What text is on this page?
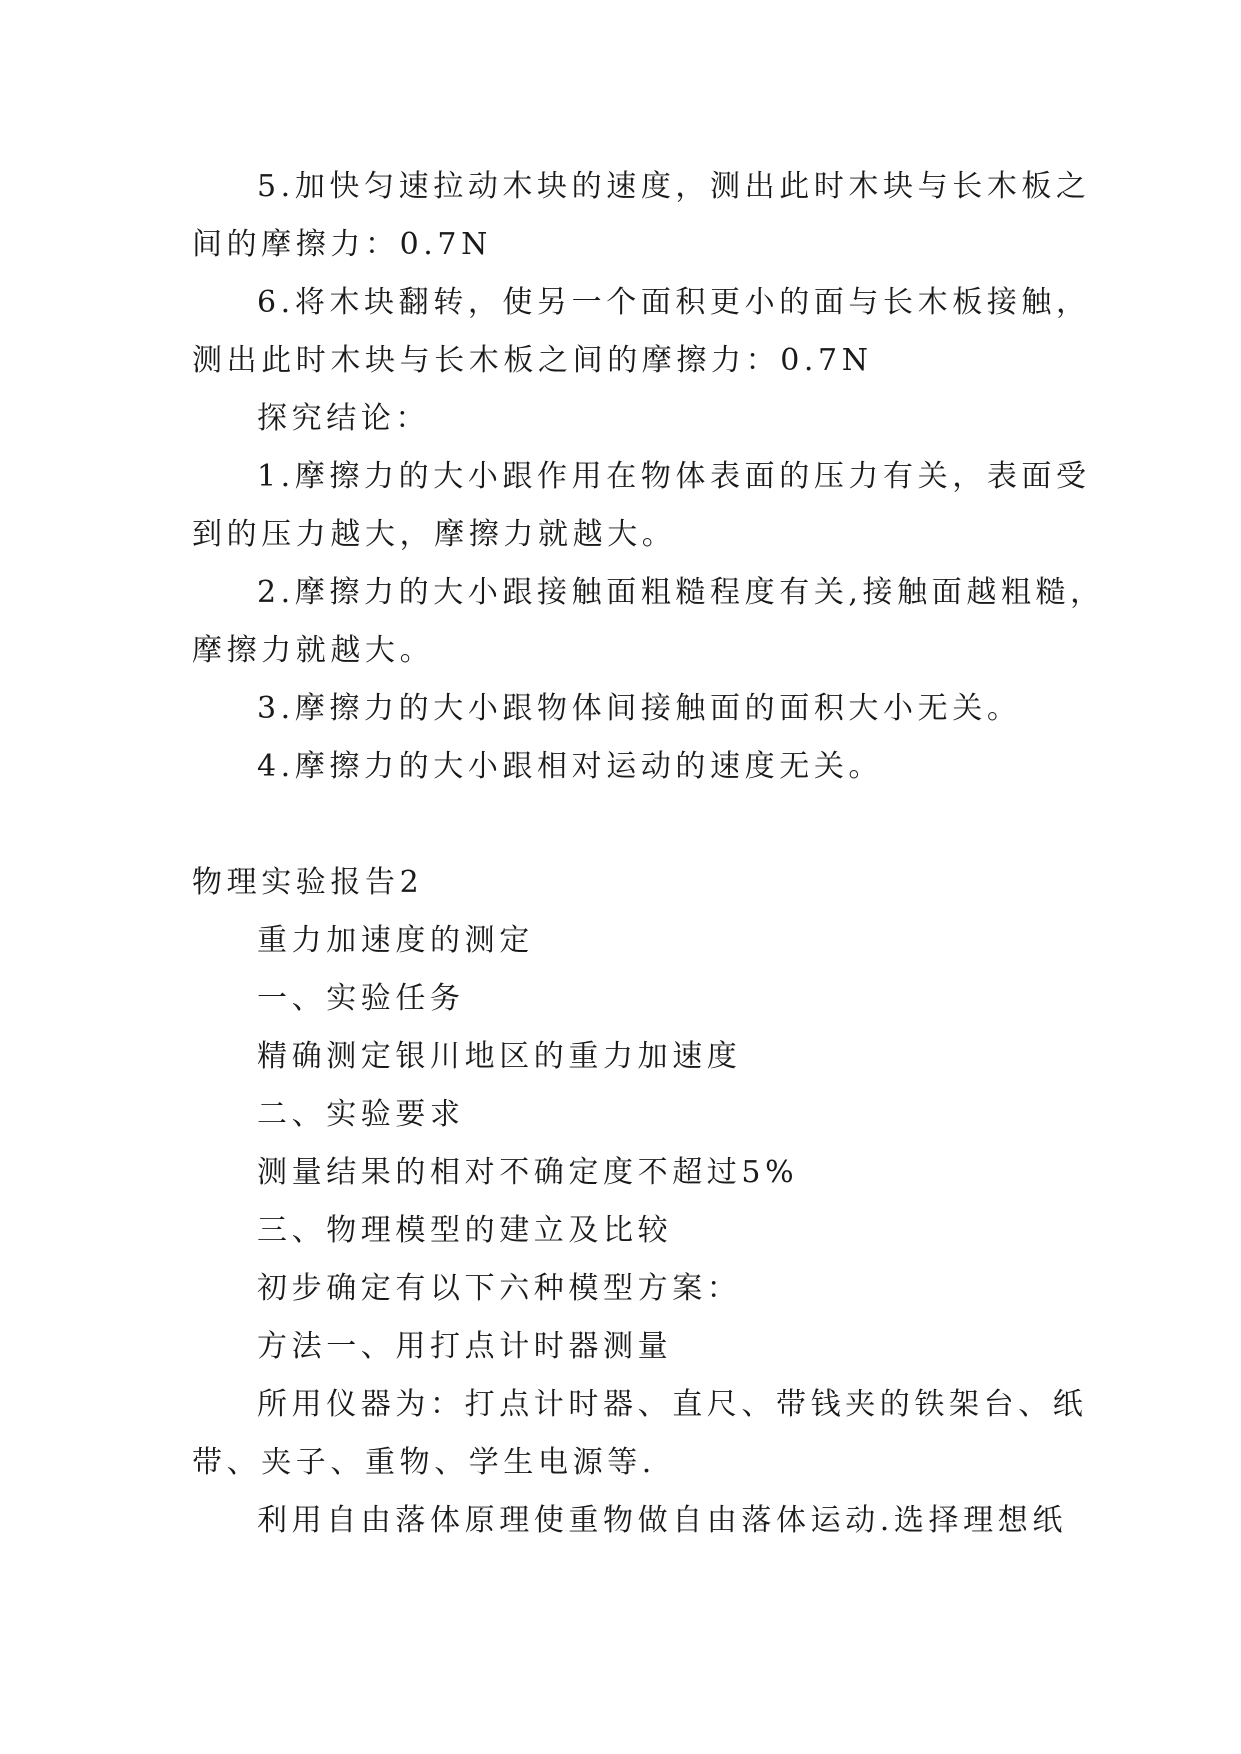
5.加快匀速拉动木块的速度，测出此时木块与长木板之
间的摩擦力：0.7N
6.将木块翻转，使另一个面积更小的面与长木板接触，
测出此时木块与长木板之间的摩擦力：0.7N
探究结论：
1.摩擦力的大小跟作用在物体表面的压力有关，表面受
到的压力越大，摩擦力就越大。
2.摩擦力的大小跟接触面粗糙程度有关,接触面越粗糙，
摩擦力就越大。
3.摩擦力的大小跟物体间接触面的面积大小无关。
4.摩擦力的大小跟相对运动的速度无关。
物理实验报告2
重力加速度的测定
一、实验任务
精确测定银川地区的重力加速度
二、实验要求
测量结果的相对不确定度不超过5%
三、物理模型的建立及比较
初步确定有以下六种模型方案：
方法一、用打点计时器测量
所用仪器为：打点计时器、直尺、带钱夹的铁架台、纸
带、夹子、重物、学生电源等.
利用自由落体原理使重物做自由落体运动.选择理想纸
